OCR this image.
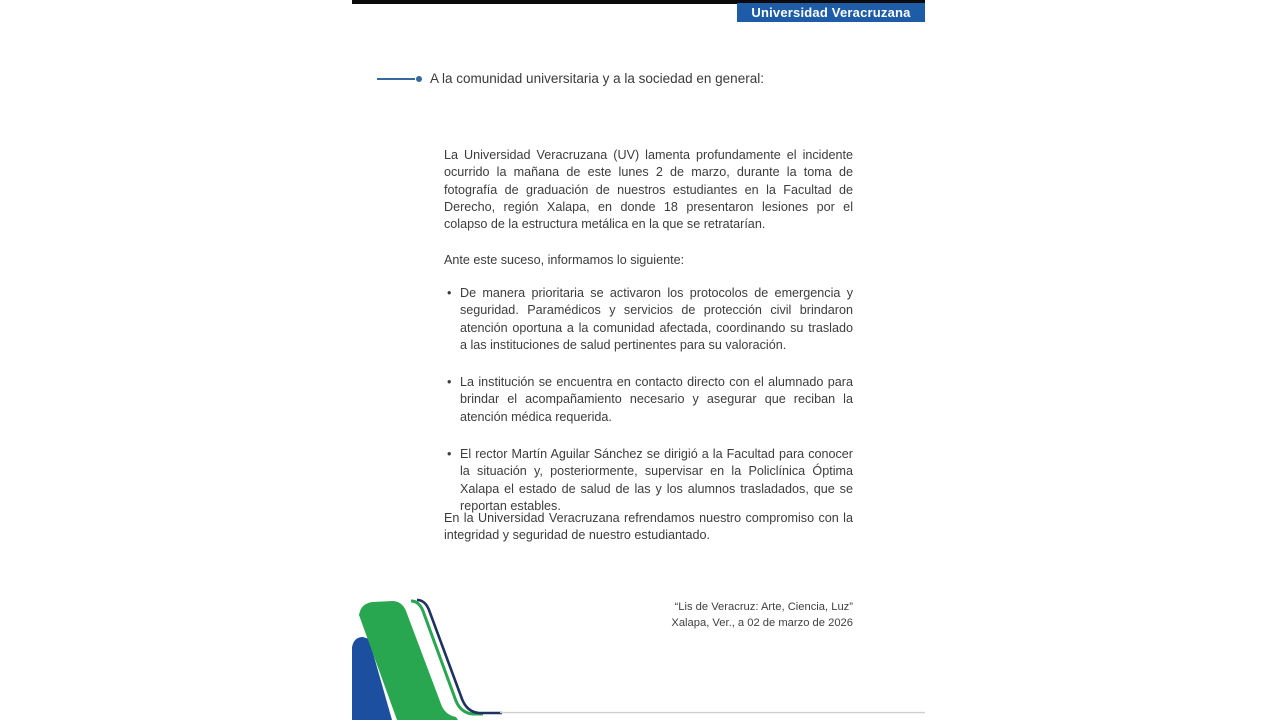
Universidad Veracruzana
A la comunidad universitaria y a la sociedad en general:

La Universidad Veracruzana (UV) lamenta profundamente el incidente ocurrido la mañana de este lunes 2 de marzo, durante la toma de fotografía de graduación de nuestros estudiantes en la Facultad de Derecho, región Xalapa, en donde 18 presentaron lesiones por el colapso de la estructura metálica en la que se retratarían.

Ante este suceso, informamos lo siguiente:

• De manera prioritaria se activaron los protocolos de emergencia y seguridad. Paramédicos y servicios de protección civil brindaron atención oportuna a la comunidad afectada, coordinando su traslado a las instituciones de salud pertinentes para su valoración.
• La institución se encuentra en contacto directo con el alumnado para brindar el acompañamiento necesario y asegurar que reciban la atención médica requerida.
• El rector Martín Aguilar Sánchez se dirigió a la Facultad para conocer la situación y, posteriormente, supervisar en la Policlínica Óptima Xalapa el estado de salud de las y los alumnos trasladados, que se reportan estables.

En la Universidad Veracruzana refrendamos nuestro compromiso con la integridad y seguridad de nuestro estudiantado.

“Lis de Veracruz: Arte, Ciencia, Luz”
Xalapa, Ver., a 02 de marzo de 2026
